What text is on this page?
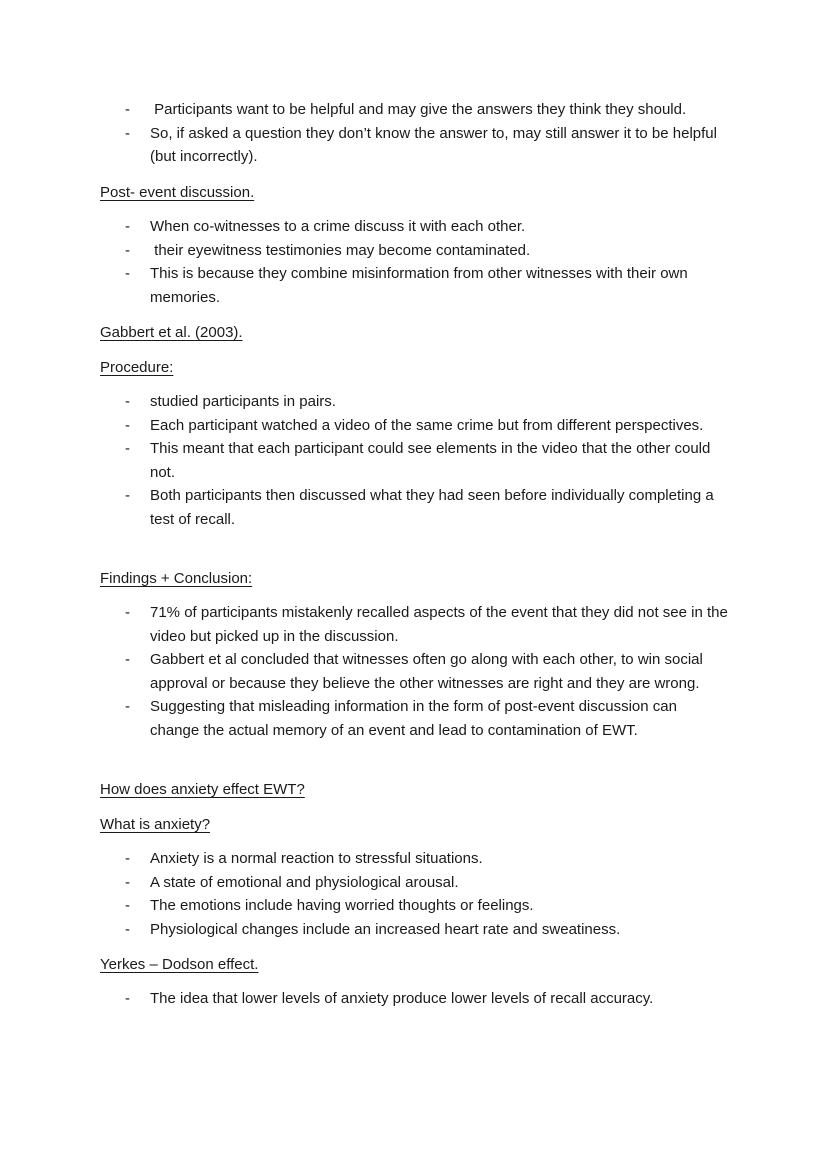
- Participants want to be helpful and may give the answers they think they should.
- So, if asked a question they don’t know the answer to, may still answer it to be helpful (but incorrectly).

Post- event discussion.

- When co-witnesses to a crime discuss it with each other.
- their eyewitness testimonies may become contaminated.
- This is because they combine misinformation from other witnesses with their own memories.

Gabbert et al. (2003).

Procedure:

- studied participants in pairs.
- Each participant watched a video of the same crime but from different perspectives.
- This meant that each participant could see elements in the video that the other could not.
- Both participants then discussed what they had seen before individually completing a test of recall.

Findings + Conclusion:

- 71% of participants mistakenly recalled aspects of the event that they did not see in the video but picked up in the discussion.
- Gabbert et al concluded that witnesses often go along with each other, to win social approval or because they believe the other witnesses are right and they are wrong.
- Suggesting that misleading information in the form of post-event discussion can change the actual memory of an event and lead to contamination of EWT.

How does anxiety effect EWT?

What is anxiety?

- Anxiety is a normal reaction to stressful situations.
- A state of emotional and physiological arousal.
- The emotions include having worried thoughts or feelings.
- Physiological changes include an increased heart rate and sweatiness.

Yerkes – Dodson effect.

- The idea that lower levels of anxiety produce lower levels of recall accuracy.
